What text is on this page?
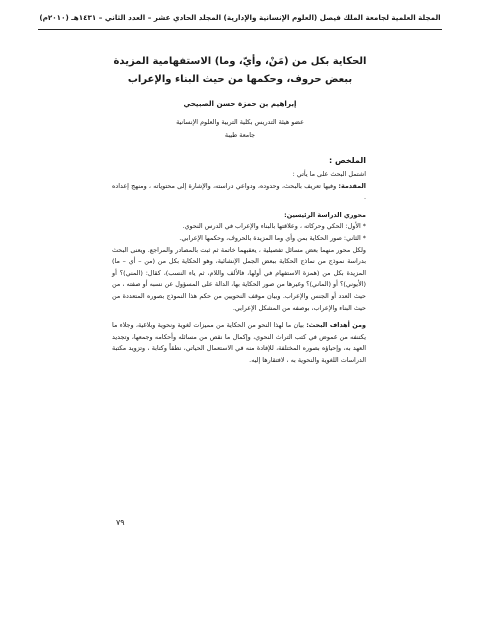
المجلة العلمية لجامعة الملك فيصل (العلوم الإنسانية والإدارية) المجلد الحادي عشر – العدد الثاني – ١٤٣١هـ (٢٠١٠م)
الحكاية بكل من (مَنْ، وأيّ، وما) الاستفهامية المزيدة
ببعض حروف، وحكمها من حيث البناء والإعراب
إبراهيم بن حمزة حسن الصبيحي
عضو هيئة التدريس بكلية التربية والعلوم الإنسانية
جامعة طيبة
الملخص :

اشتمل البحث على ما يأتي :

المقدمة: وفيها تعريف بالبحث، وحدوده، ودواعي دراسته، والإشارة إلى محتوياته ، ومنهج إعداده .

محوري الدراسة الرئيسين:

* الأول: الحكي وحركاته ، وعلاقتها بالبناء والإعراب في الدرس النحوي.

* الثاني: صور الحكاية بمن وأي وما المزيدة بالحروف، وحكمها الإعرابي.

ولكل محور منهما بعض مسائل تفصيلية ، يعقبهما خاتمة ثم ثبت بالمصادر والمراجع. ويعنى البحث بدراسة نموذج من نماذج الحكاية ببعض الجمل الإنشائية، وهو الحكاية بكل من (من – أي – ما) المزيدة بكل من (همزة الاستفهام في أولها، فالألف واللام، ثم ياء النسب)، كقال: (المني)؟ أو (الأيوني)؟ أو (الماني)؟ وغيرها من صور الحكاية بها، الدالة على المسؤول عن نسبه أو صفته ، من حيث العدد أو الجنس والإعراب. وبيان موقف النحويين من حكم هذا النموذج بصوره المتعددة من حيث البناء والإعراب، بوصفه من المشكل الإعرابي.

ومن أهداف البحث: بيان ما لهذا النحو من الحكاية من مميزات لغوية ونحوية وبلاغية، وجلاء ما يكتنفه من غموض في كتب التراث النحوي، وإكمال ما نقص من مسائله وأحكامه وجمعها، وتجديد العهد به، وإحياؤه بصوره المختلفة، للإفادة منه في الاستعمال الحياتي، نطقاً وكتابة ، وتزويد مكتبة الدراسات اللغوية والنحوية به ، لافتقارها إليه.

٧٩
